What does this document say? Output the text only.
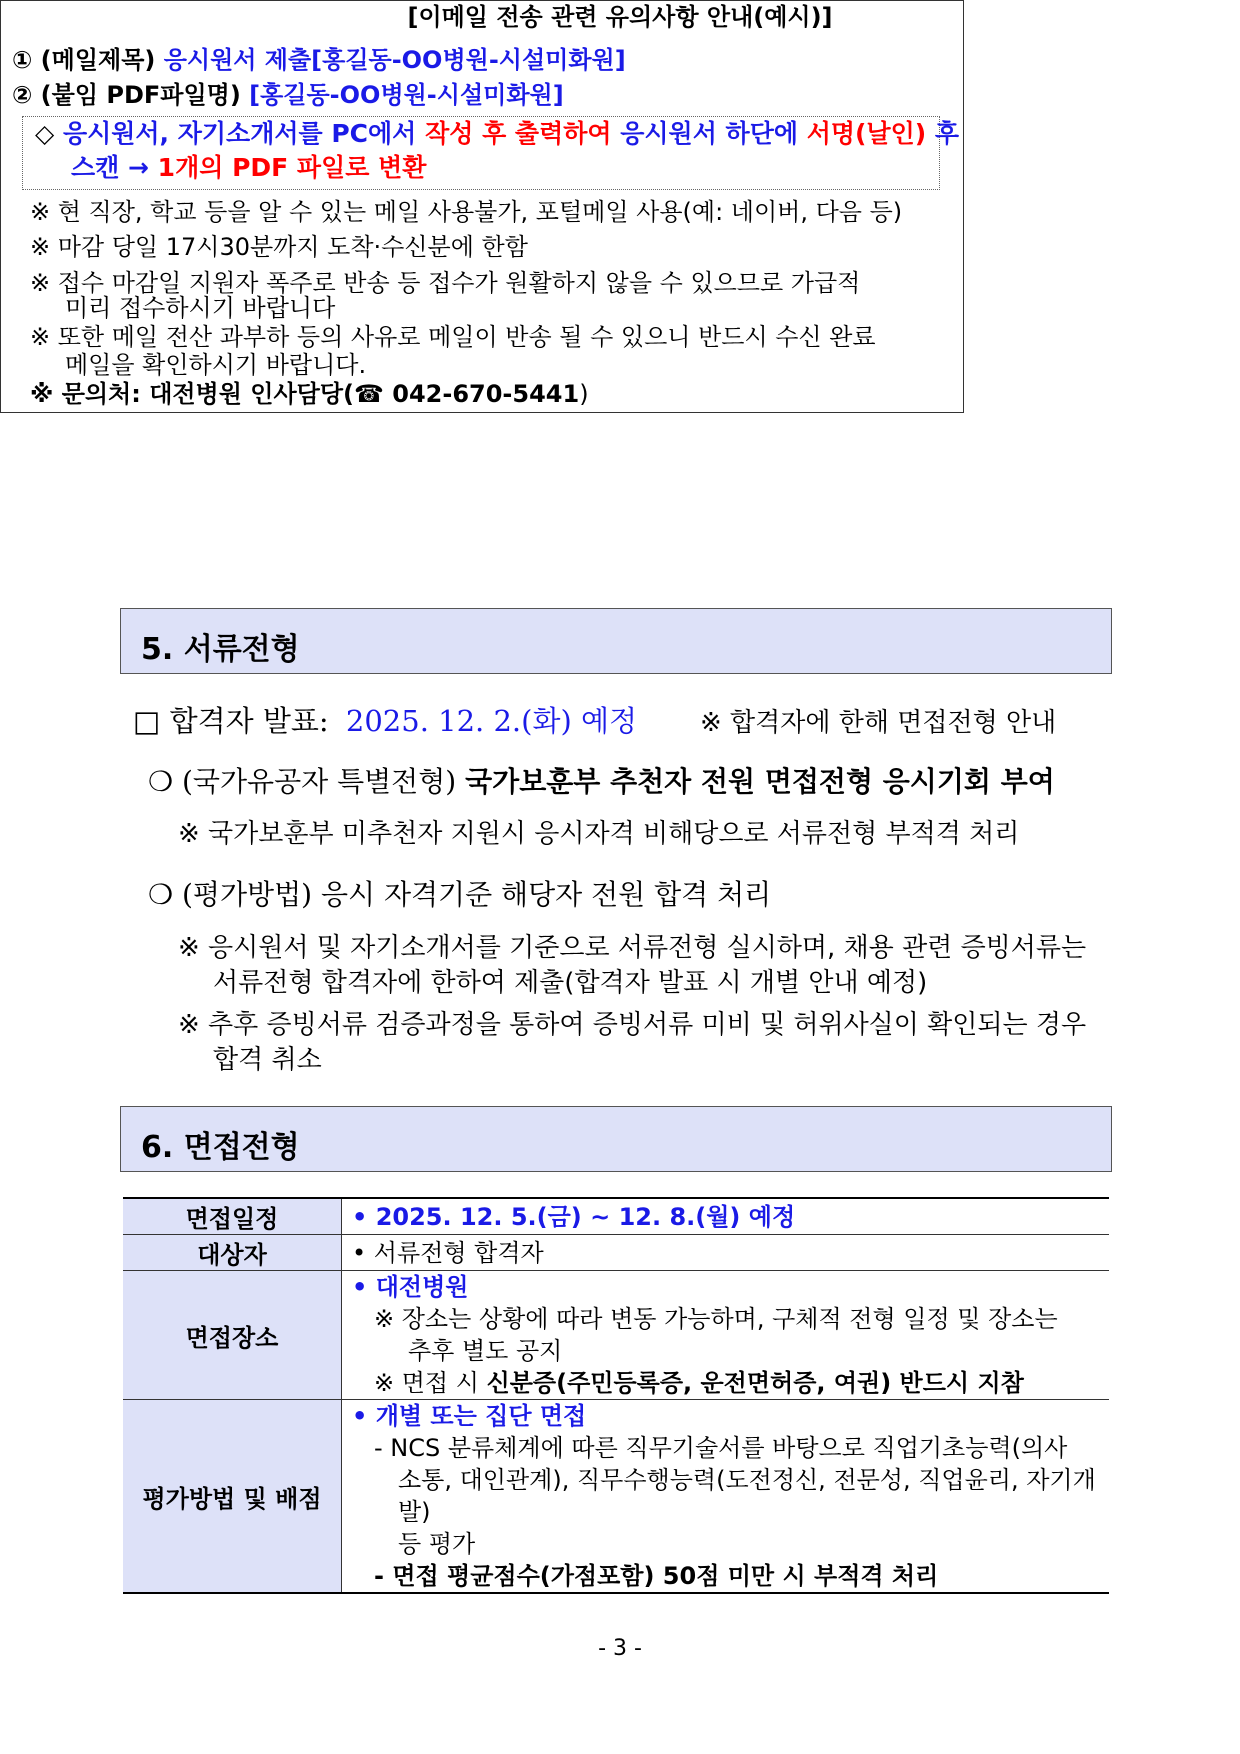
[이메일 전송 관련 유의사항 안내(예시)]
① (메일제목) 응시원서 제출[홍길동-OO병원-시설미화원]
② (붙임 PDF파일명) [홍길동-OO병원-시설미화원]
◇ 응시원서, 자기소개서를 PC에서 작성 후 출력하여 응시원서 하단에 서명(날인) 후
스캔 → 1개의 PDF 파일로 변환
※ 현 직장, 학교 등을 알 수 있는 메일 사용불가, 포털메일 사용(예: 네이버, 다음 등)
※ 마감 당일 17시30분까지 도착·수신분에 한함
※ 접수 마감일 지원자 폭주로 반송 등 접수가 원활하지 않을 수 있으므로 가급적
미리 접수하시기 바랍니다
※ 또한 메일 전산 과부하 등의 사유로 메일이 반송 될 수 있으니 반드시 수신 완료
메일을 확인하시기 바랍니다.
※ 문의처: 대전병원 인사담당(☎ 042-670-5441)
5. 서류전형
□ 합격자 발표: 2025. 12. 2.(화) 예정 ※ 합격자에 한해 면접전형 안내
❍ (국가유공자 특별전형) 국가보훈부 추천자 전원 면접전형 응시기회 부여
※ 국가보훈부 미추천자 지원시 응시자격 비해당으로 서류전형 부적격 처리
❍ (평가방법) 응시 자격기준 해당자 전원 합격 처리
※ 응시원서 및 자기소개서를 기준으로 서류전형 실시하며, 채용 관련 증빙서류는
서류전형 합격자에 한하여 제출(합격자 발표 시 개별 안내 예정)
※ 추후 증빙서류 검증과정을 통하여 증빙서류 미비 및 허위사실이 확인되는 경우
합격 취소
6. 면접전형
면접일정	• 2025. 12. 5.(금) ~ 12. 8.(월) 예정
대상자	• 서류전형 합격자
면접장소	• 대전병원
※ 장소는 상황에 따라 변동 가능하며, 구체적 전형 일정 및 장소는
추후 별도 공지
※ 면접 시 신분증(주민등록증, 운전면허증, 여권) 반드시 지참

평가방법 및 배점	• 개별 또는 집단 면접
- NCS 분류체계에 따른 직무기술서를 바탕으로 직업기초능력(의사
소통, 대인관계), 직무수행능력(도전정신, 전문성, 직업윤리, 자기개발)
등 평가
- 면접 평균점수(가점포함) 50점 미만 시 부적격 처리
- 3 -
